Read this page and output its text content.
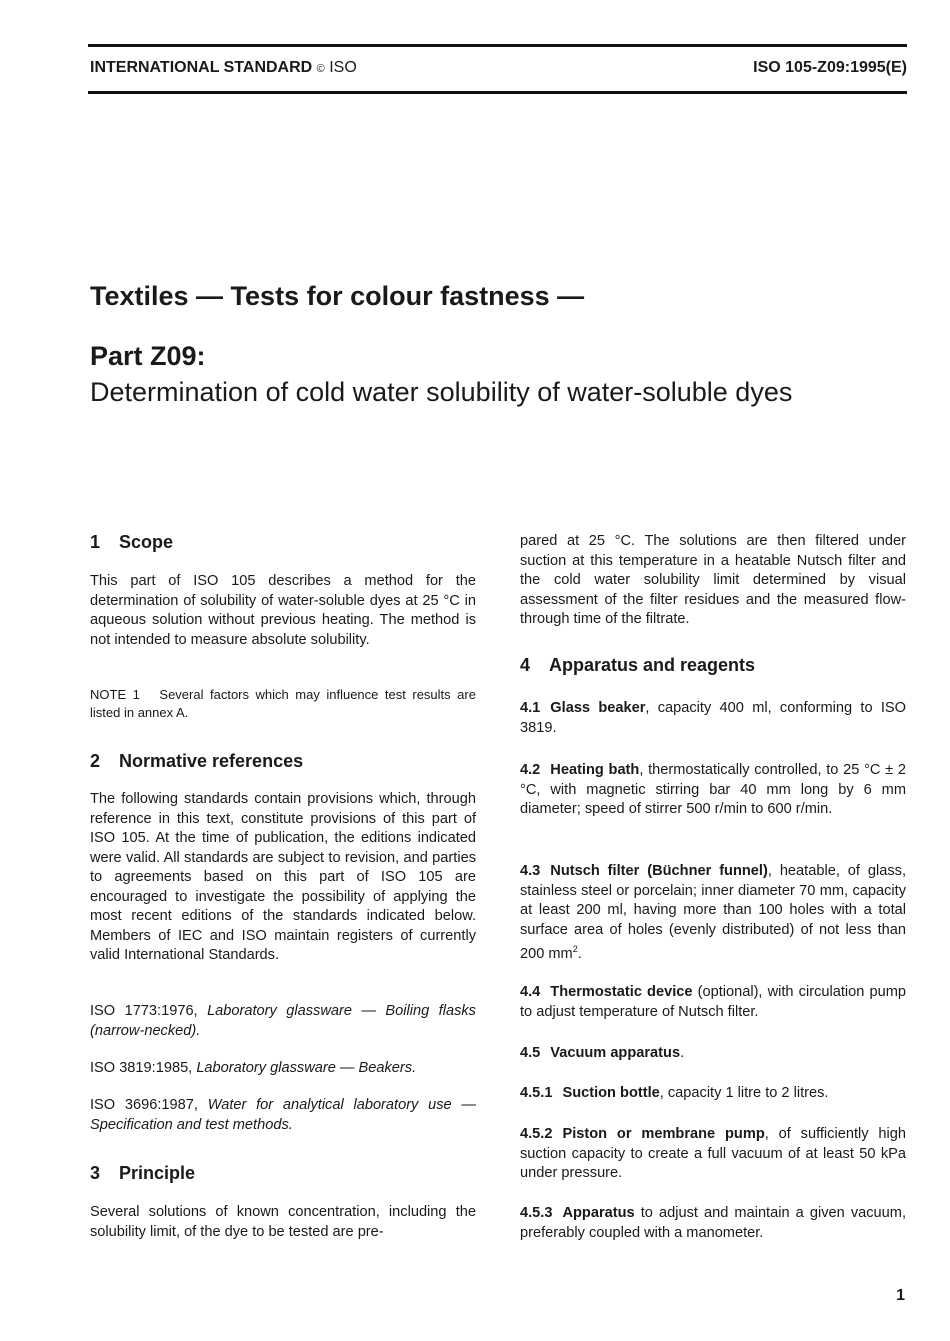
INTERNATIONAL STANDARD © ISO	ISO 105-Z09:1995(E)
Textiles — Tests for colour fastness —
Part Z09:
Determination of cold water solubility of water-soluble dyes
1 Scope
This part of ISO 105 describes a method for the determination of solubility of water-soluble dyes at 25 °C in aqueous solution without previous heating. The method is not intended to measure absolute solubility.
NOTE 1 Several factors which may influence test results are listed in annex A.
2 Normative references
The following standards contain provisions which, through reference in this text, constitute provisions of this part of ISO 105. At the time of publication, the editions indicated were valid. All standards are subject to revision, and parties to agreements based on this part of ISO 105 are encouraged to investigate the possibility of applying the most recent editions of the standards indicated below. Members of IEC and ISO maintain registers of currently valid International Standards.
ISO 1773:1976, Laboratory glassware — Boiling flasks (narrow-necked).
ISO 3819:1985, Laboratory glassware — Beakers.
ISO 3696:1987, Water for analytical laboratory use — Specification and test methods.
3 Principle
Several solutions of known concentration, including the solubility limit, of the dye to be tested are pre-
pared at 25 °C. The solutions are then filtered under suction at this temperature in a heatable Nutsch filter and the cold water solubility limit determined by visual assessment of the filter residues and the measured flow-through time of the filtrate.
4 Apparatus and reagents
4.1 Glass beaker, capacity 400 ml, conforming to ISO 3819.
4.2 Heating bath, thermostatically controlled, to 25 °C ± 2 °C, with magnetic stirring bar 40 mm long by 6 mm diameter; speed of stirrer 500 r/min to 600 r/min.
4.3 Nutsch filter (Büchner funnel), heatable, of glass, stainless steel or porcelain; inner diameter 70 mm, capacity at least 200 ml, having more than 100 holes with a total surface area of holes (evenly distributed) of not less than 200 $mm^2$.
4.4 Thermostatic device (optional), with circulation pump to adjust temperature of Nutsch filter.
4.5 Vacuum apparatus.
4.5.1 Suction bottle, capacity 1 litre to 2 litres.
4.5.2 Piston or membrane pump, of sufficiently high suction capacity to create a full vacuum of at least 50 kPa under pressure.
4.5.3 Apparatus to adjust and maintain a given vacuum, preferably coupled with a manometer.
1
